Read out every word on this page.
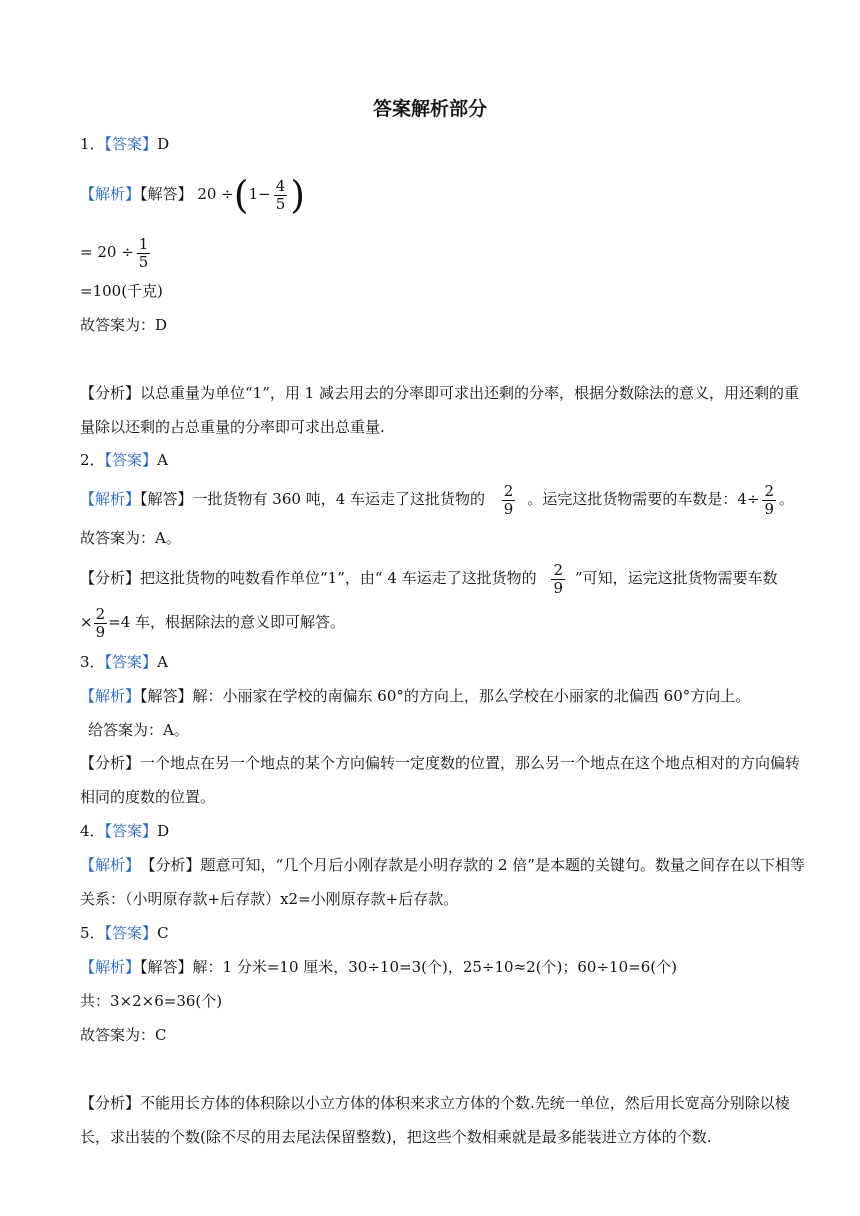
答案解析部分
1．【答案】D
【解析】【解答】 $20 \div(1- \frac{4}{5}$ )
= $20 \div \frac{1}{5}$
=100(千克)
故答案为：D
【分析】以总重量为单位“1”，用 1 减去用去的分率即可求出还剩的分率，根据分数除法的意义，用还剩的重量除以还剩的占总重量的分率即可求出总重量.
2．【答案】A
【解析】【解答】一批货物有 360 吨，4 车运走了这批货物的 $\frac{2}{9}$ 。运完这批货物需要的车数是：$4\div \frac{2}{9}$ 。
故答案为：A。
【分析】把这批货物的吨数看作单位“1”，由“ 4 车运走了这批货物的 $\frac{2}{9}$ ”可知，运完这批货物需要车数
× $\frac{2}{9} =4$ 车，根据除法的意义即可解答。
3．【答案】A
【解析】【解答】解：小丽家在学校的南偏东 60°的方向上，那么学校在小丽家的北偏西 60°方向上。
给答案为：A。
【分析】一个地点在另一个地点的某个方向偏转一定度数的位置，那么另一个地点在这个地点相对的方向偏转相同的度数的位置。
4．【答案】D
【解析】 【分析】题意可知，“几个月后小刚存款是小明存款的 2 倍”是本题的关键句。数量之间存在以下相等关系：（小明原存款+后存款）x2=小刚原存款+后存款。
5．【答案】C
【解析】【解答】解：1 分米=10 厘米，30÷10=3(个)，25÷10≈2(个)；60÷10=6(个)
共：3×2×6=36(个)
故答案为：C
【分析】不能用长方体的体积除以小立方体的体积来求立方体的个数.先统一单位，然后用长宽高分别除以棱长，求出装的个数(除不尽的用去尾法保留整数)，把这些个数相乘就是最多能装进立方体的个数.
